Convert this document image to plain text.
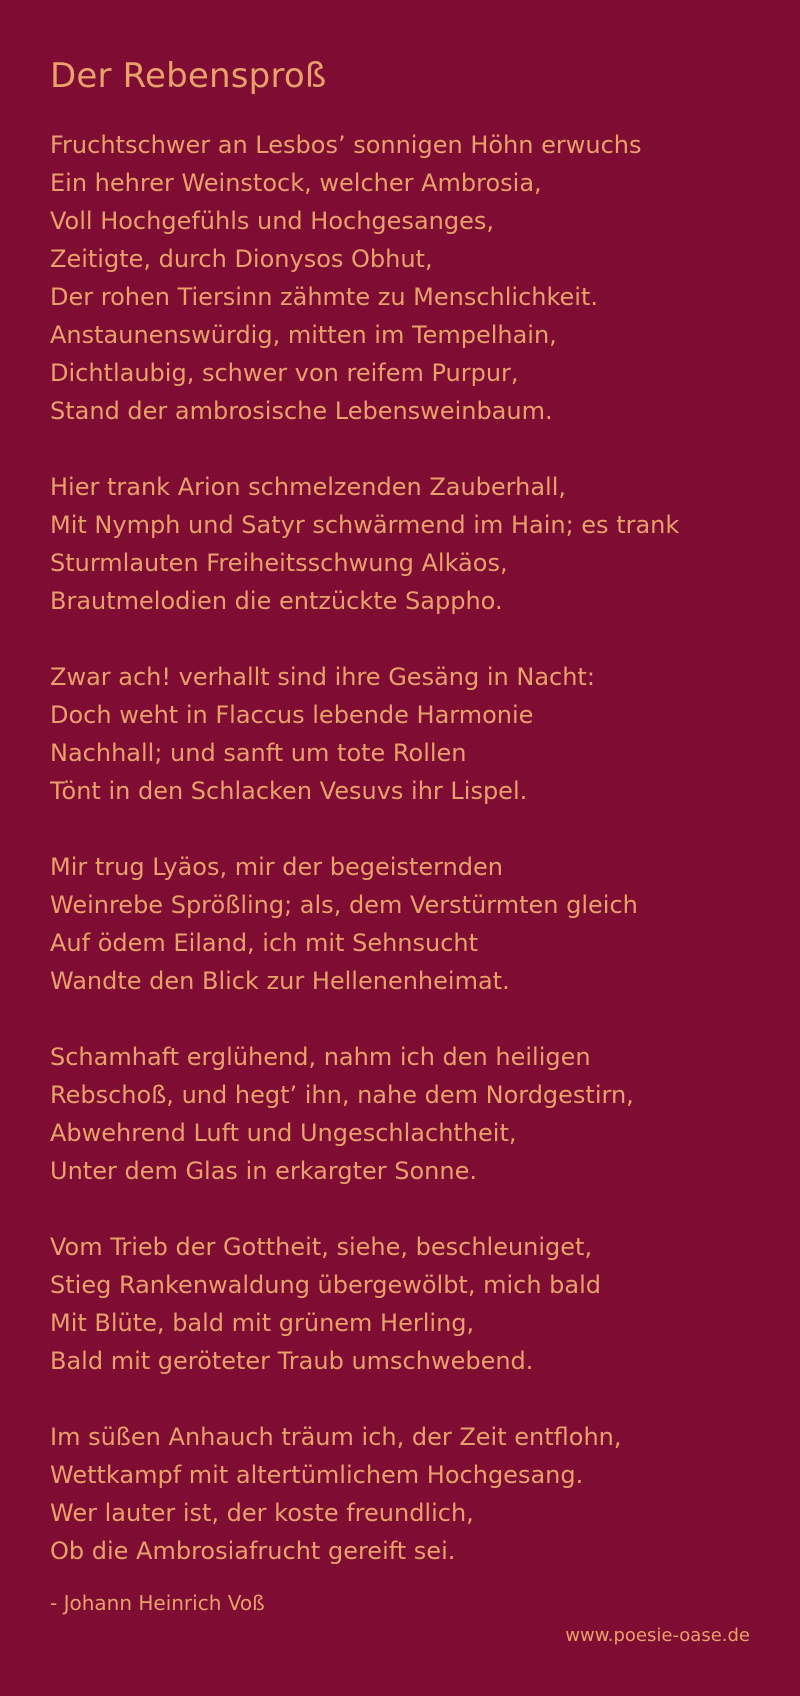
Der Rebensproß
Fruchtschwer an Lesbos’ sonnigen Höhn erwuchs
Ein hehrer Weinstock, welcher Ambrosia,
Voll Hochgefühls und Hochgesanges,
Zeitigte, durch Dionysos Obhut,
Der rohen Tiersinn zähmte zu Menschlichkeit.
Anstaunenswürdig, mitten im Tempelhain,
Dichtlaubig, schwer von reifem Purpur,
Stand der ambrosische Lebensweinbaum.
Hier trank Arion schmelzenden Zauberhall,
Mit Nymph und Satyr schwärmend im Hain; es trank
Sturmlauten Freiheitsschwung Alkäos,
Brautmelodien die entzückte Sappho.
Zwar ach! verhallt sind ihre Gesäng in Nacht:
Doch weht in Flaccus lebende Harmonie
Nachhall; und sanft um tote Rollen
Tönt in den Schlacken Vesuvs ihr Lispel.
Mir trug Lyäos, mir der begeisternden
Weinrebe Sprößling; als, dem Verstürmten gleich
Auf ödem Eiland, ich mit Sehnsucht
Wandte den Blick zur Hellenenheimat.
Schamhaft erglühend, nahm ich den heiligen
Rebschoß, und hegt’ ihn, nahe dem Nordgestirn,
Abwehrend Luft und Ungeschlachtheit,
Unter dem Glas in erkargter Sonne.
Vom Trieb der Gottheit, siehe, beschleuniget,
Stieg Rankenwaldung übergewölbt, mich bald
Mit Blüte, bald mit grünem Herling,
Bald mit geröteter Traub umschwebend.
Im süßen Anhauch träum ich, der Zeit entflohn,
Wettkampf mit altertümlichem Hochgesang.
Wer lauter ist, der koste freundlich,
Ob die Ambrosiafrucht gereift sei.
- Johann Heinrich Voß
www.poesie-oase.de
